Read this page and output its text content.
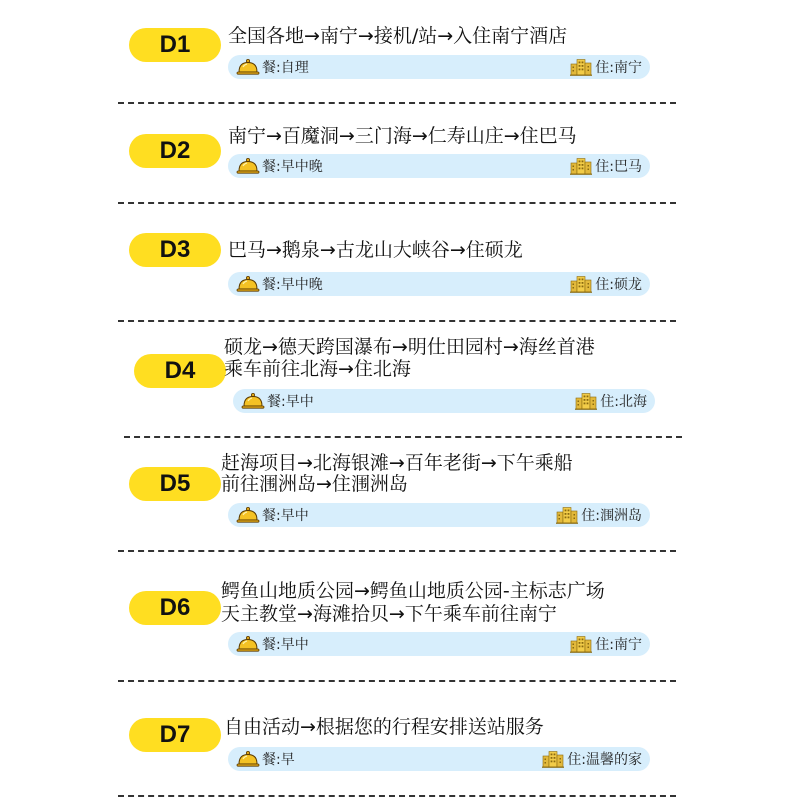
D1	全国各地→南宁→接机/站→入住南宁酒店
餐:自理	住:南宁
D2
南宁→百魔洞→三门海→仁寿山庄→住巴马
餐:早中晚	住:巴马
D3	巴马→鹅泉→古龙山大峡谷→住硕龙
餐:早中晚	住:硕龙
D4
硕龙→德天跨国瀑布→明仕田园村→海丝首港
乘车前往北海→住北海
餐:早中	住:北海
D5
赶海项目→北海银滩→百年老街→下午乘船
前往涠洲岛→住涠洲岛
餐:早中	住:涠洲岛
D6
鳄鱼山地质公园→鳄鱼山地质公园-主标志广场
天主教堂→海滩拾贝→下午乘车前往南宁
餐:早中	住:南宁
D7	自由活动→根据您的行程安排送站服务
餐:早	住:温馨的家
